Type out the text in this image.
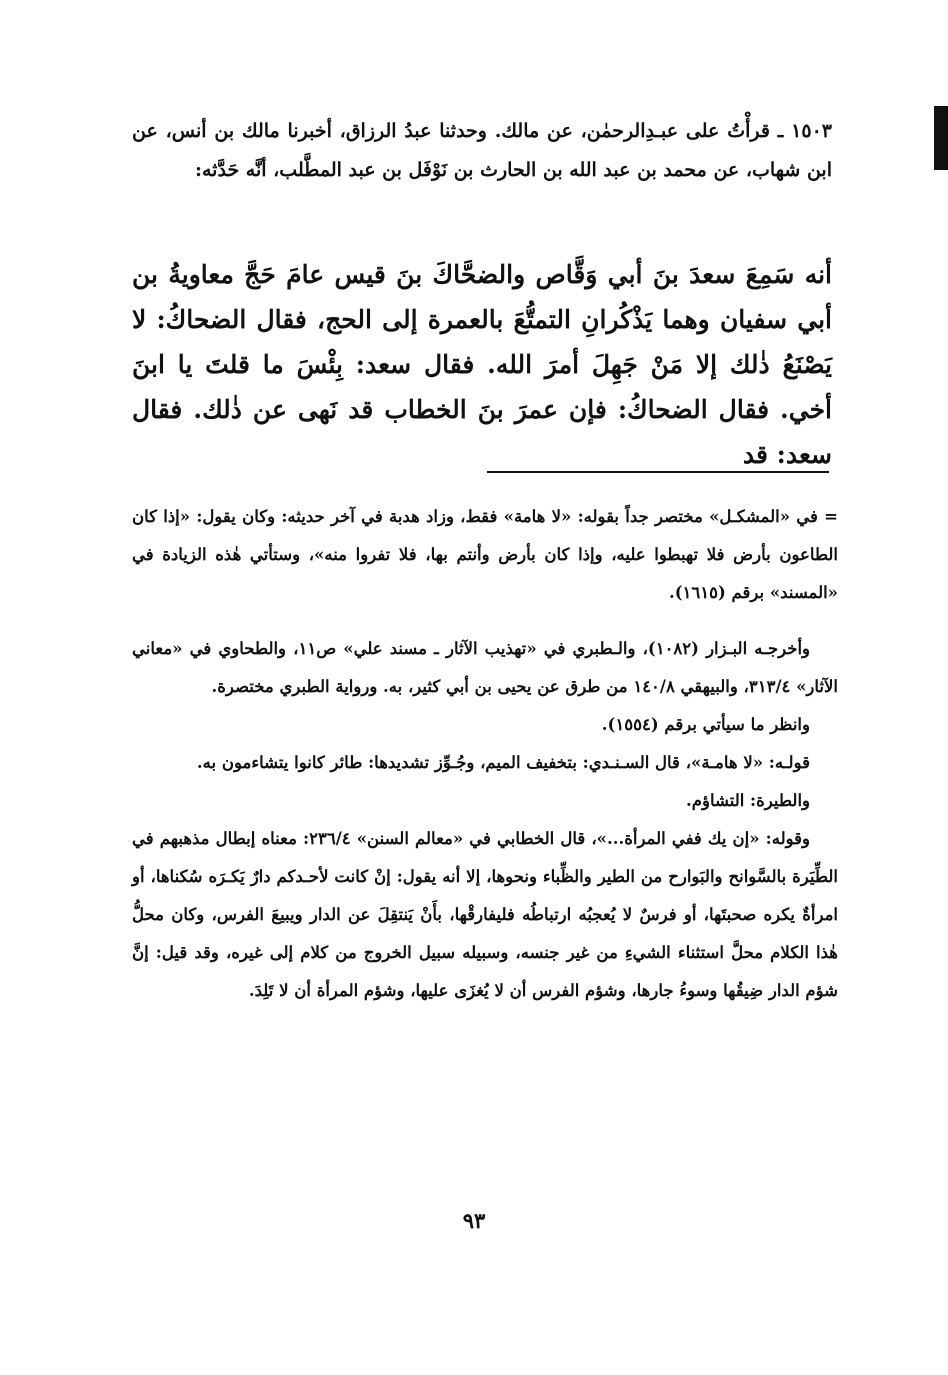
١٥٠٣ ـ قرأْتُ على عبـدِالرحمٰن، عن مالك. وحدثنا عبدُ الرزاق، أخبرنا مالك بن أنس، عن ابن شهاب، عن محمد بن عبد الله بن الحارث بن نَوْفَل بن عبد المطَّلب، أنَّه حَدَّثه:
أنه سَمِعَ سعدَ بنَ أبي وَقَّاص والضحَّاكَ بنَ قيس عامَ حَجَّ معاويةُ بن أبي سفيان وهما يَذْكُرانِ التمتُّعَ بالعمرة إلى الحج، فقال الضحاكُ: لا يَصْنَعُ ذٰلك إلا مَنْ جَهِلَ أمرَ الله. فقال سعد: بِئْسَ ما قلتَ يا ابنَ أخي. فقال الضحاكُ: فإن عمرَ بنَ الخطاب قد نَهى عن ذٰلك. فقال سعد: قد

= في «المشكـل» مختصر جداً بقوله: «لا هامة» فقط، وزاد هدبة في آخر حديثه: وكان يقول: «إذا كان الطاعون بأرض فلا تهبطوا عليه، وإذا كان بأرض وأنتم بها، فلا تفروا منه»، وستأتي هٰذه الزيادة في «المسند» برقم (١٦١٥).

وأخرجـه البـزار (١٠٨٢)، والـطبري في «تهذيب الآثار ـ مسند علي» ص١١، والطحاوي في «معاني الآثار» ٣١٣/٤، والبيهقي ١٤٠/٨ من طرق عن يحيى بن أبي كثير، به. ورواية الطبري مختصرة.

وانظر ما سيأتي برقم (١٥٥٤).

قولـه: «لا هامـة»، قال السـنـدي: بتخفيف الميم، وجُـوِّز تشديدها: طائر كانوا يتشاءمون به.

والطيرة: التشاؤم.

وقوله: «إن يك ففي المرأة...»، قال الخطابي في «معالم السنن» ٢٣٦/٤: معناه إبطال مذهبهم في الطِّيَرة بالسَّوانح والبَوارح من الطير والظِّباء ونحوها، إلا أنه يقول: إنْ كانت لأحـدكم دارٌ يَكـرَه سُكناها، أو امرأةٌ يكره صحبتَها، أو فرسٌ لا يُعجبُه ارتباطُه فليفارقْها، بأَنْ يَنتقِلَ عن الدار ويبيعَ الفرس، وكان محلُّ هٰذا الكلام محلَّ استثناء الشيءِ من غير جنسه، وسبيله سبيل الخروج من كلام إلى غيره، وقد قيل: إنَّ شؤم الدار ضِيقُها وسوءُ جارها، وشؤم الفرس أن لا يُغزَى عليها، وشؤم المرأة أن لا تَلِدَ.

٩٣
